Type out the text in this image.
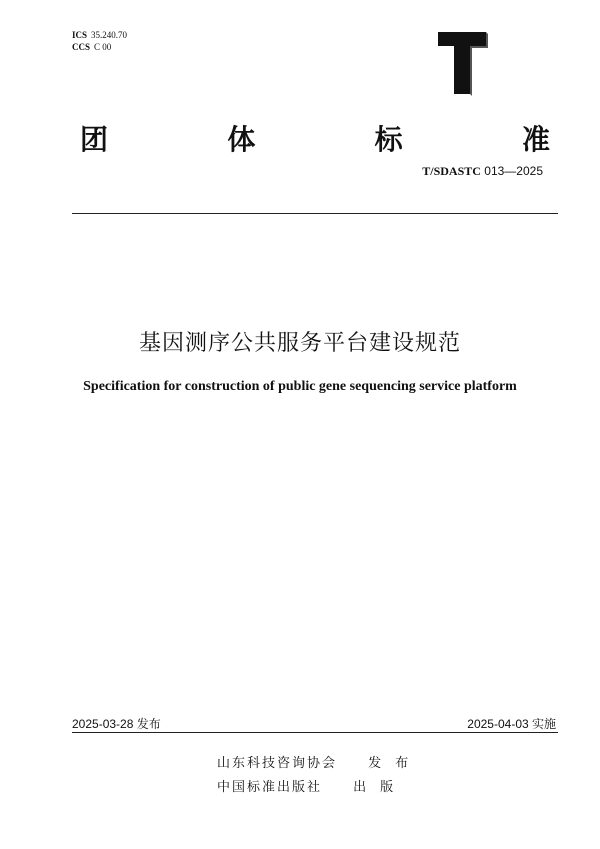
ICS 35.240.70
CCS C 00
T
团	体	标	准
T/SDASTC 013—2025
基因测序公共服务平台建设规范
Specification for construction of public gene sequencing service platform
2025-03-28 发布	2025-04-03 实施
山东科技咨询协会 发布
中国标准出版社 出版
